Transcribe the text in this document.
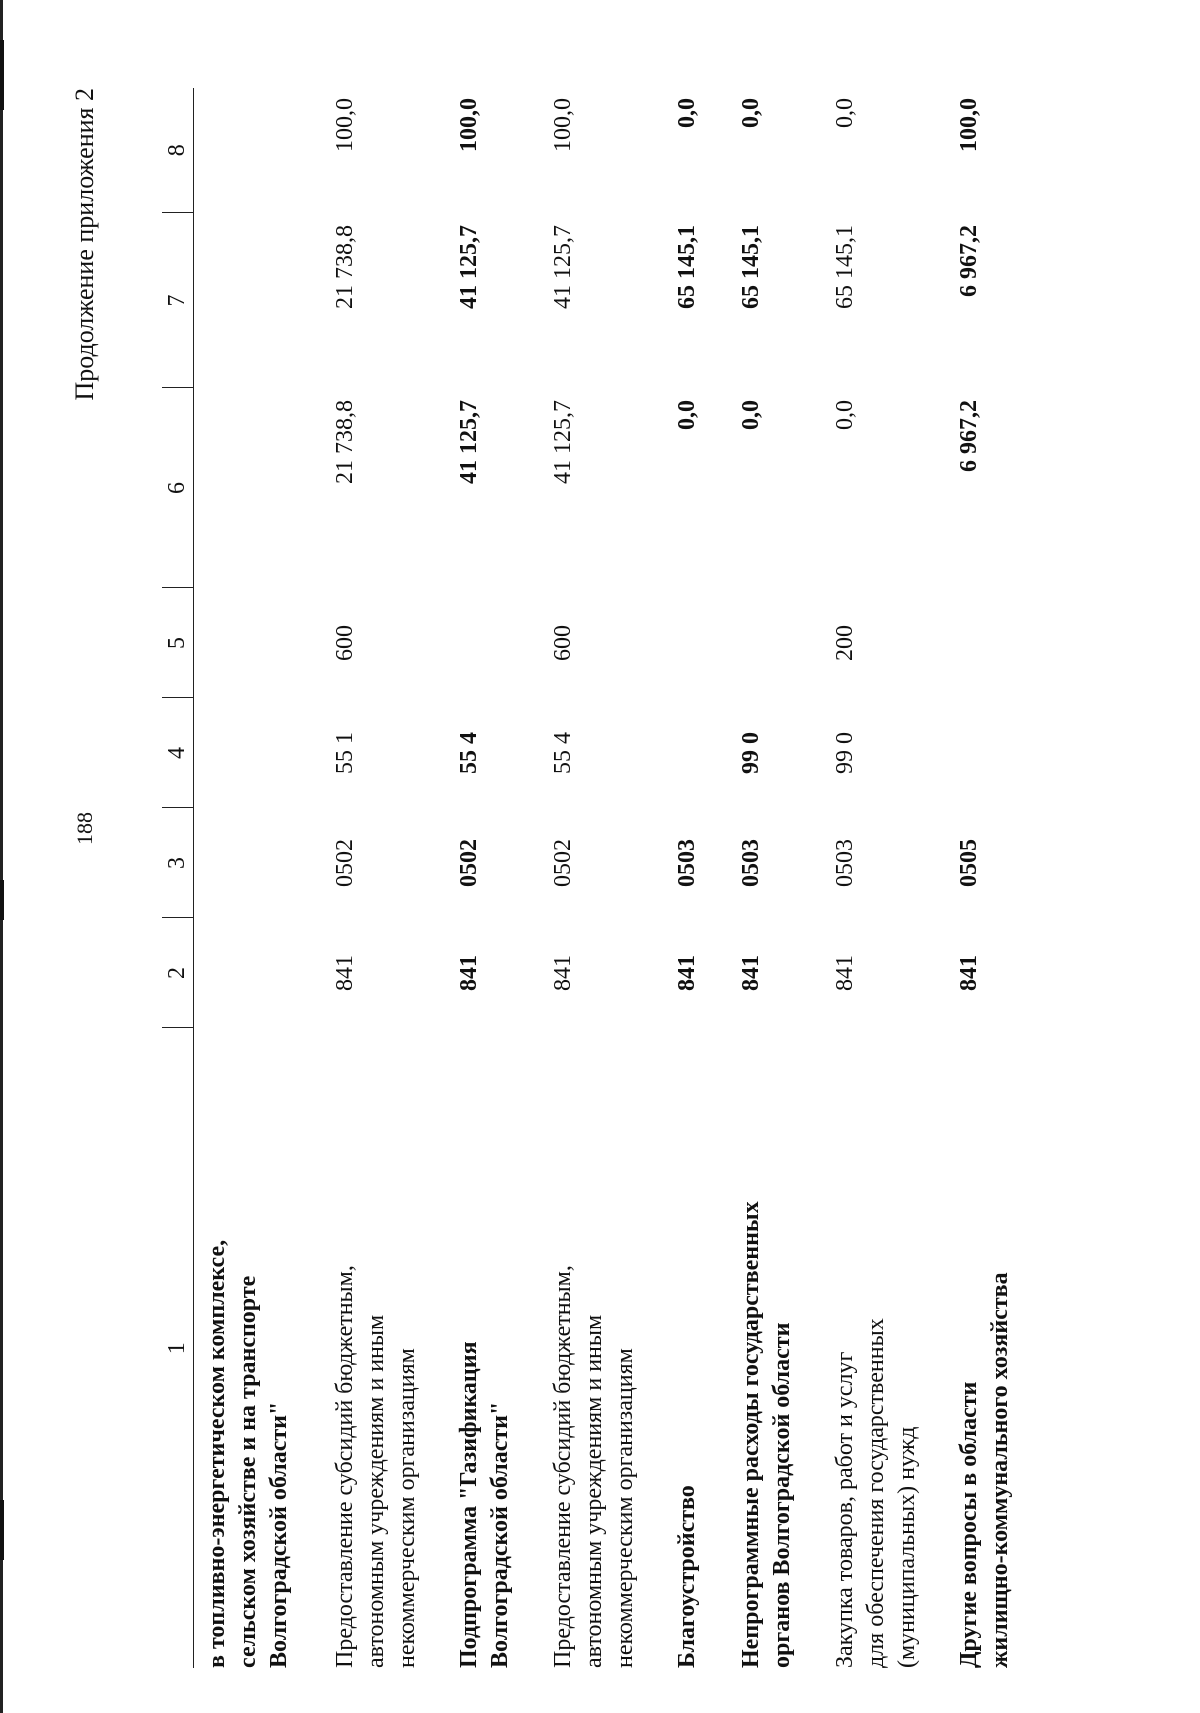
188
Продолжение приложения 2
1	2	3	4	5	6	7	8

в топливно-энергетическом комплексе,
сельском хозяйстве и на транспорте
Волгоградской области"							

Предоставление субсидий бюджетным,
автономным учреждениям и иным
некоммерческим организациям	841	0502	55 1	600	21 738,8	21 738,8	100,0

Подпрограмма "Газификация
Волгоградской области"	841	0502	55 4		41 125,7	41 125,7	100,0

Предоставление субсидий бюджетным,
автономным учреждениям и иным
некоммерческим организациям	841	0502	55 4	600	41 125,7	41 125,7	100,0

Благоустройство	841	0503			0,0	65 145,1	0,0

Непрограммные расходы государственных
органов Волгоградской области	841	0503	99 0		0,0	65 145,1	0,0

Закупка товаров, работ и услуг
для обеспечения государственных
(муниципальных) нужд	841	0503	99 0	200	0,0	65 145,1	0,0

Другие вопросы в области
жилищно-коммунального хозяйства	841	0505			6 967,2	6 967,2	100,0
